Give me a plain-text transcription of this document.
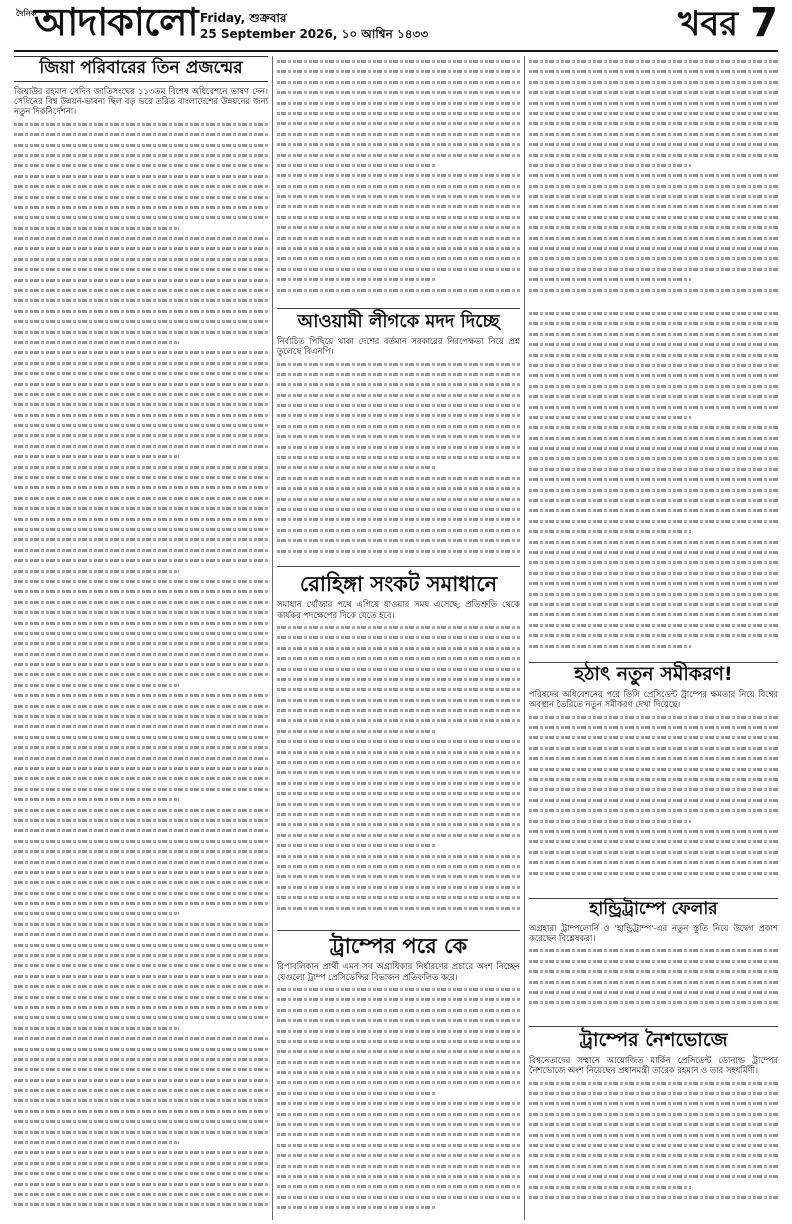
দৈনিক
আদাকালো Friday, শুক্রবার
25 September 2026, ১০ আশ্বিন ১৪৩৩	খবর 7
জিয়া পরিবারের তিন প্রজন্মের
জিয়াউর রহমান সেদিন জাতিসংঘের ১১৩তম বিশেষ অধিবেশনে ভাষণ দেন। সেদিনের বিশ্ব উন্নয়ন-ভাবনা ছিল বড় ভরে তরিত বাংলাদেশের উন্নয়নের জন্য নতুন দিকনির্দেশনা।
আওয়ামী লীগকে মদদ দিচ্ছে
নির্বাচিত পিছিয়ে থাকা দেশের বর্তমান সরকারের নিরপেক্ষতা নিয়ে প্রশ্ন তুলেছে বিএনপি।
রোহিঙ্গা সংকট সমাধানে
সমাধান খোঁজার পথে এগিয়ে যাওয়ার সময় এসেছে; প্রতিশ্রুতি থেকে কার্যকর পদক্ষেপের দিকে যেতে হবে।
ট্রাম্পের পরে কে
রিপাবলিকান প্রার্থী এমন সব অগ্রাধিকার নির্ধারণের প্রচারে অংশ নিচ্ছেন যেগুলো ট্রাম্প প্রেসিডেন্সির বিভাজন প্রতিফলিত করে।
হঠাৎ নতুন সমীকরণ!
পরিষদের অধিবেশনের পরে ডিসি প্রেসিডেন্ট ট্রাম্পের ক্ষমতার নিয়ে বিশ্বের অবস্থান তৈরিতে নতুন সমীকরণ দেখা দিয়েছে।
হান্ড্রিট্রাম্পে ফেলার
অগ্রহারা ট্রাম্পলোর্নি ও 'হান্ড্রিট্রাম্প'-এর নতুন স্তূতি নিয়ে উদ্বেগ প্রকাশ করেছেন বিশ্লেষকরা।
ট্রাম্পের নৈশভোজে
বিশ্বনেতাদের সম্মানে আয়োজিত মার্কিন প্রেসিডেন্ট ডোনাল্ড ট্রাম্পের নৈশভোজে অংশ নিয়েছেন প্রধানমন্ত্রী তারেক রহমান ও তার সহধর্মিণী।
